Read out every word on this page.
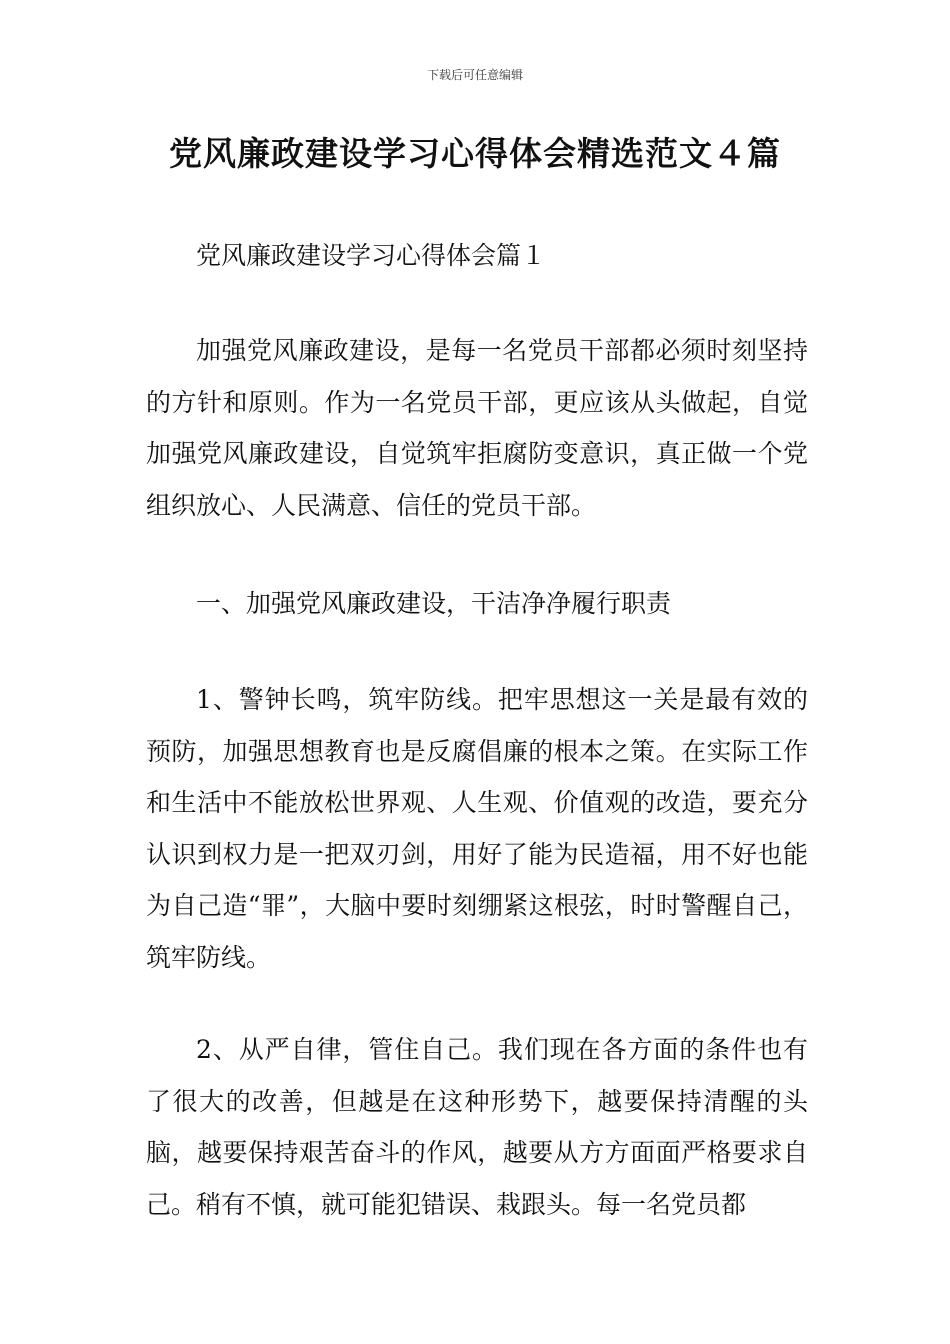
下载后可任意编辑
党风廉政建设学习心得体会精选范文４篇
党风廉政建设学习心得体会篇１

加强党风廉政建设，是每一名党员干部都必须时刻坚持的方针和原则。作为一名党员干部，更应该从头做起，自觉加强党风廉政建设，自觉筑牢拒腐防变意识，真正做一个党组织放心、人民满意、信任的党员干部。

一、加强党风廉政建设，干洁净净履行职责

1、警钟长鸣，筑牢防线。把牢思想这一关是最有效的预防，加强思想教育也是反腐倡廉的根本之策。在实际工作和生活中不能放松世界观、人生观、价值观的改造，要充分认识到权力是一把双刃剑，用好了能为民造福，用不好也能为自己造“罪”，大脑中要时刻绷紧这根弦，时时警醒自己，筑牢防线。

2、从严自律，管住自己。我们现在各方面的条件也有了很大的改善，但越是在这种形势下，越要保持清醒的头脑，越要保持艰苦奋斗的作风，越要从方方面面严格要求自己。稍有不慎，就可能犯错误、栽跟头。每一名党员都
